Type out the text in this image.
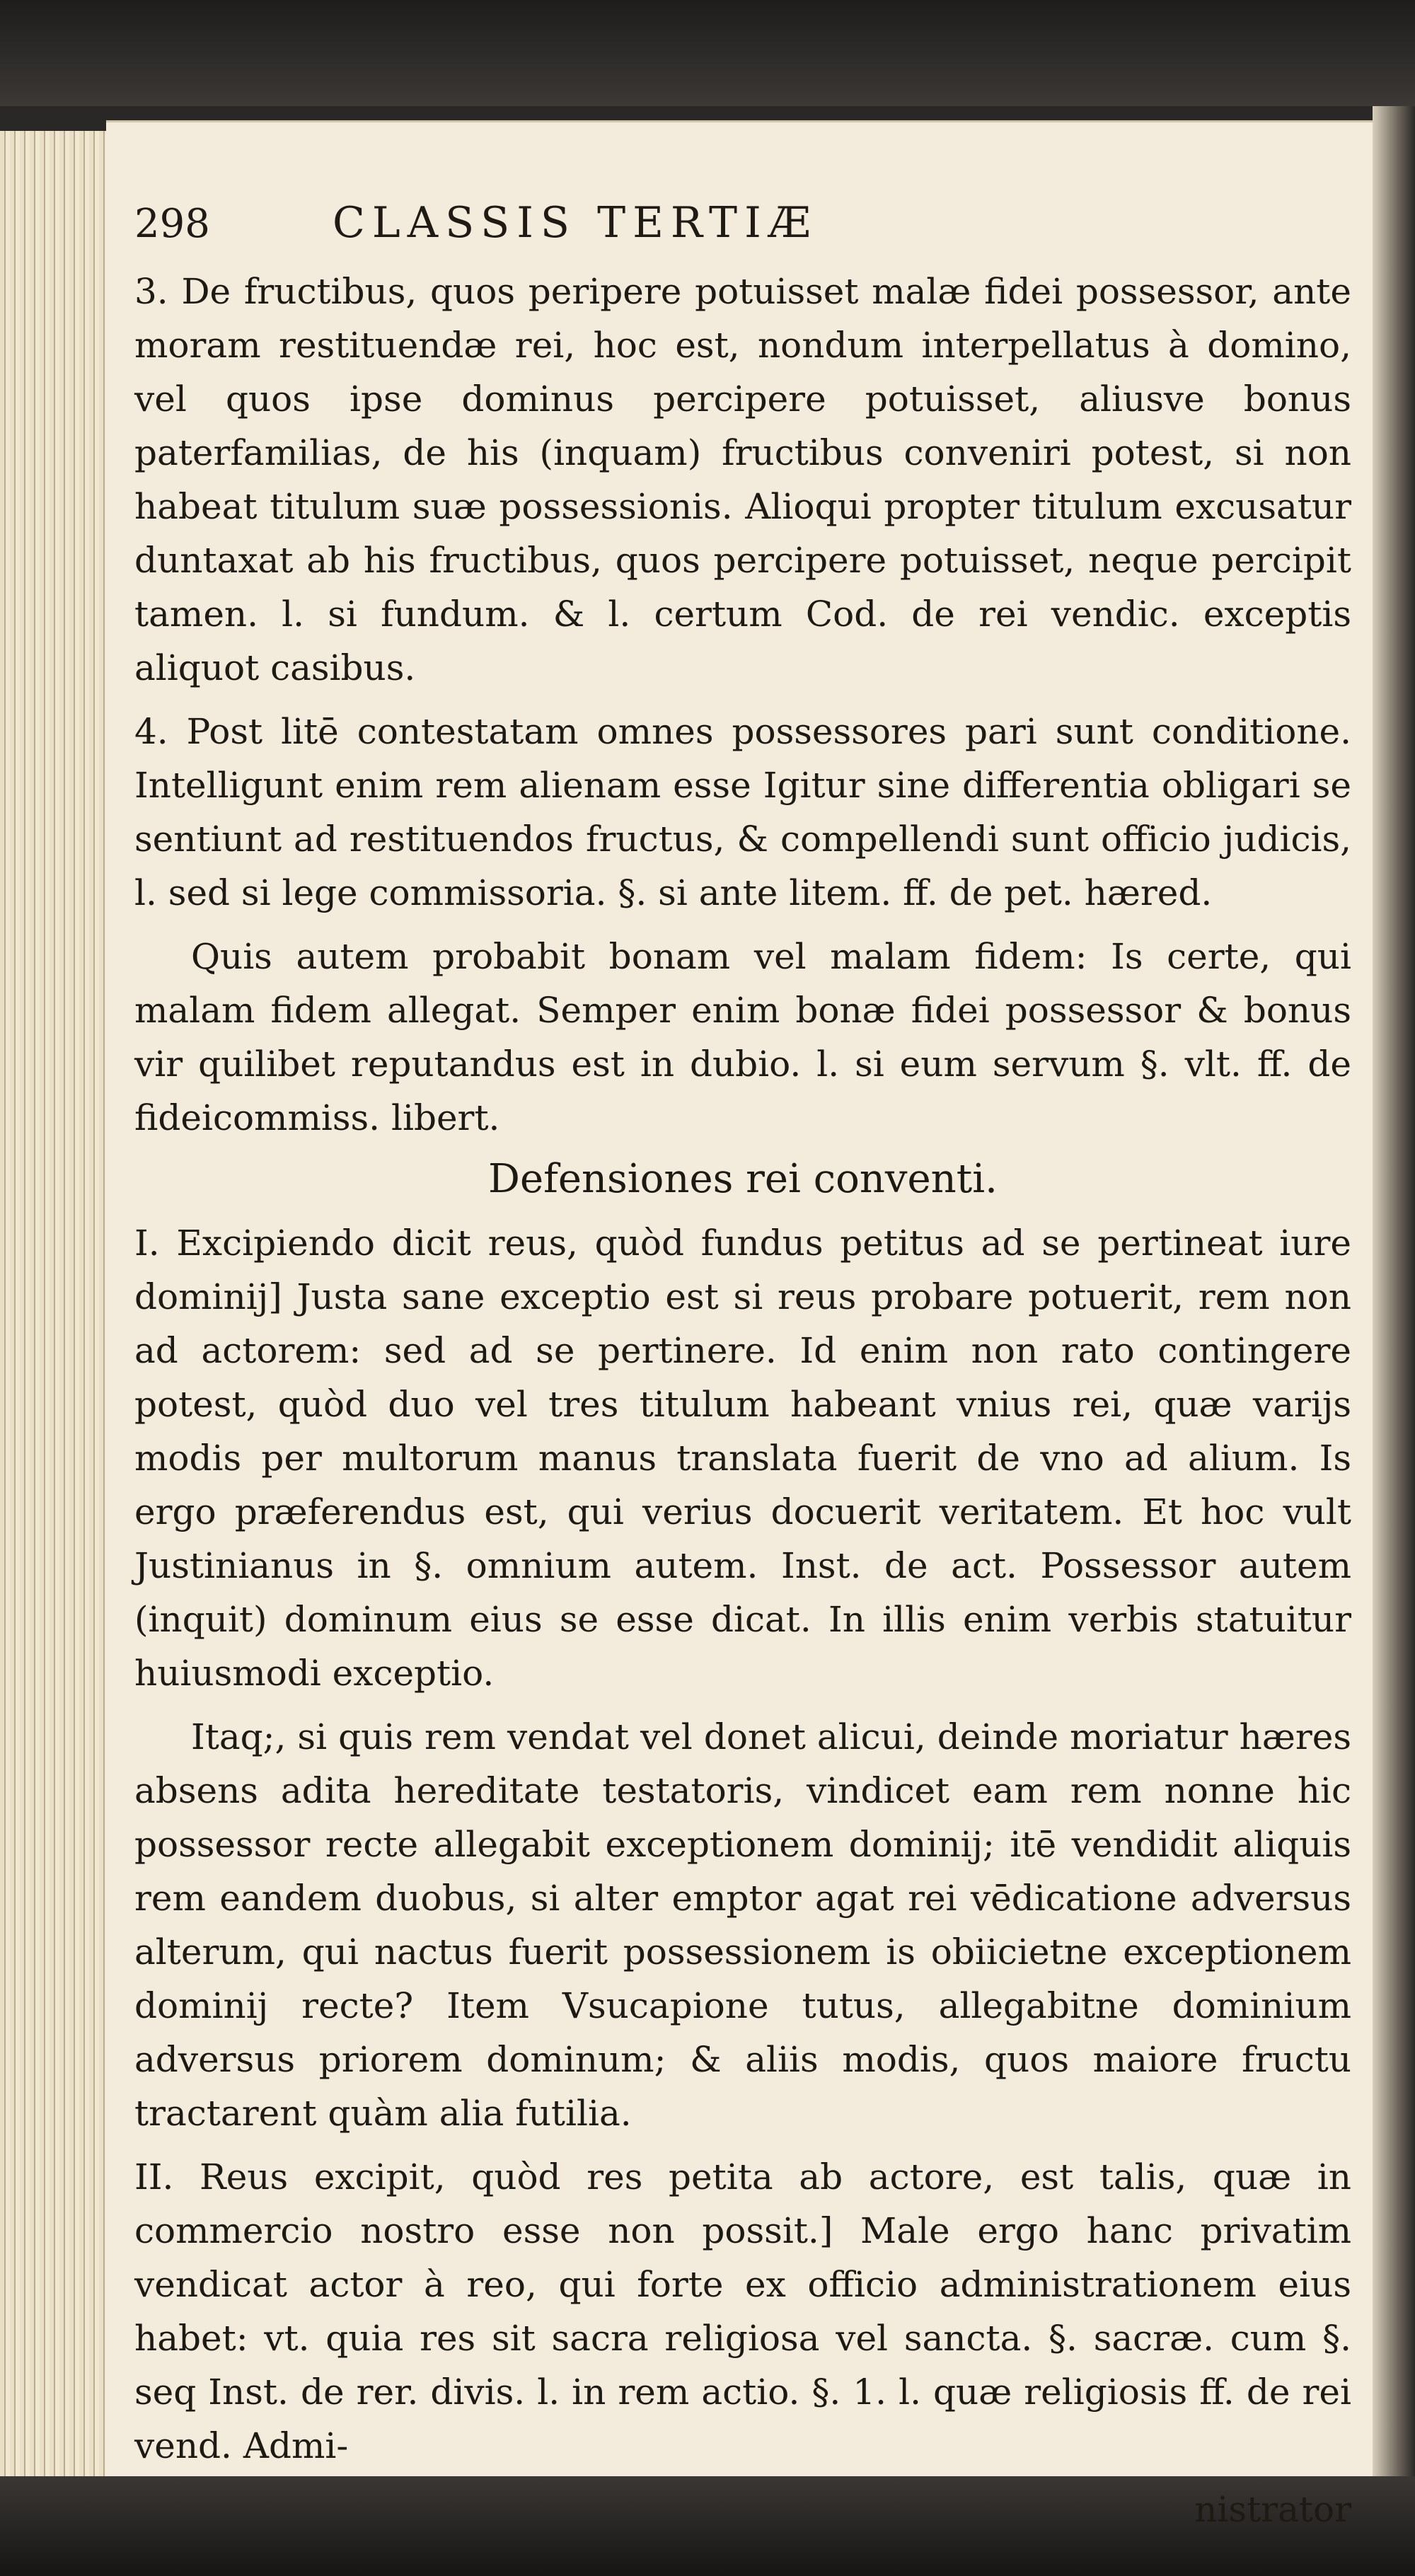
298	CLASSIS TERTIÆ

3. De fructibus, quos peripere potuisset malæ fidei possessor, ante moram restituendæ rei, hoc est, nondum interpellatus à domino, vel quos ipse dominus percipere potuisset, aliusve bonus paterfamilias, de his (inquam) fructibus conveniri potest, si non habeat titulum suæ possessionis. Alioqui propter titulum excusatur duntaxat ab his fructibus, quos percipere potuisset, neque percipit tamen. l. si fundum. & l. certum Cod. de rei vendic. exceptis aliquot casibus.

4. Post litē contestatam omnes possessores pari sunt conditione. Intelligunt enim rem alienam esse Igitur sine differentia obligari se sentiunt ad restituendos fructus, & compellendi sunt officio judicis, l. sed si lege commissoria. §. si ante litem. ff. de pet. hæred.

Quis autem probabit bonam vel malam fidem: Is certe, qui malam fidem allegat. Semper enim bonæ fidei possessor & bonus vir quilibet reputandus est in dubio. l. si eum servum §. vlt. ff. de fideicommiss. libert.

Defensiones rei conventi.

I. Excipiendo dicit reus, quòd fundus petitus ad se pertineat iure dominij] Justa sane exceptio est si reus probare potuerit, rem non ad actorem: sed ad se pertinere. Id enim non rato contingere potest, quòd duo vel tres titulum habeant vnius rei, quæ varijs modis per multorum manus translata fuerit de vno ad alium. Is ergo præferendus est, qui verius docuerit veritatem. Et hoc vult Justinianus in §. omnium autem. Inst. de act. Possessor autem (inquit) dominum eius se esse dicat. In illis enim verbis statuitur huiusmodi exceptio.

Itaq;, si quis rem vendat vel donet alicui, deinde moriatur hæres absens adita hereditate testatoris, vindicet eam rem nonne hic possessor recte allegabit exceptionem dominij; itē vendidit aliquis rem eandem duobus, si alter emptor agat rei vēdicatione adversus alterum, qui nactus fuerit possessionem is obiicietne exceptionem dominij recte? Item Vsucapione tutus, allegabitne dominium adversus priorem dominum; & aliis modis, quos maiore fructu tractarent quàm alia futilia.

II. Reus excipit, quòd res petita ab actore, est talis, quæ in commercio nostro esse non possit.] Male ergo hanc privatim vendicat actor à reo, qui forte ex officio administrationem eius habet: vt. quia res sit sacra religiosa vel sancta. §. sacræ. cum §. seq Inst. de rer. divis. l. in rem actio. §. 1. l. quæ religiosis ff. de rei vend. Admi-

nistrator
